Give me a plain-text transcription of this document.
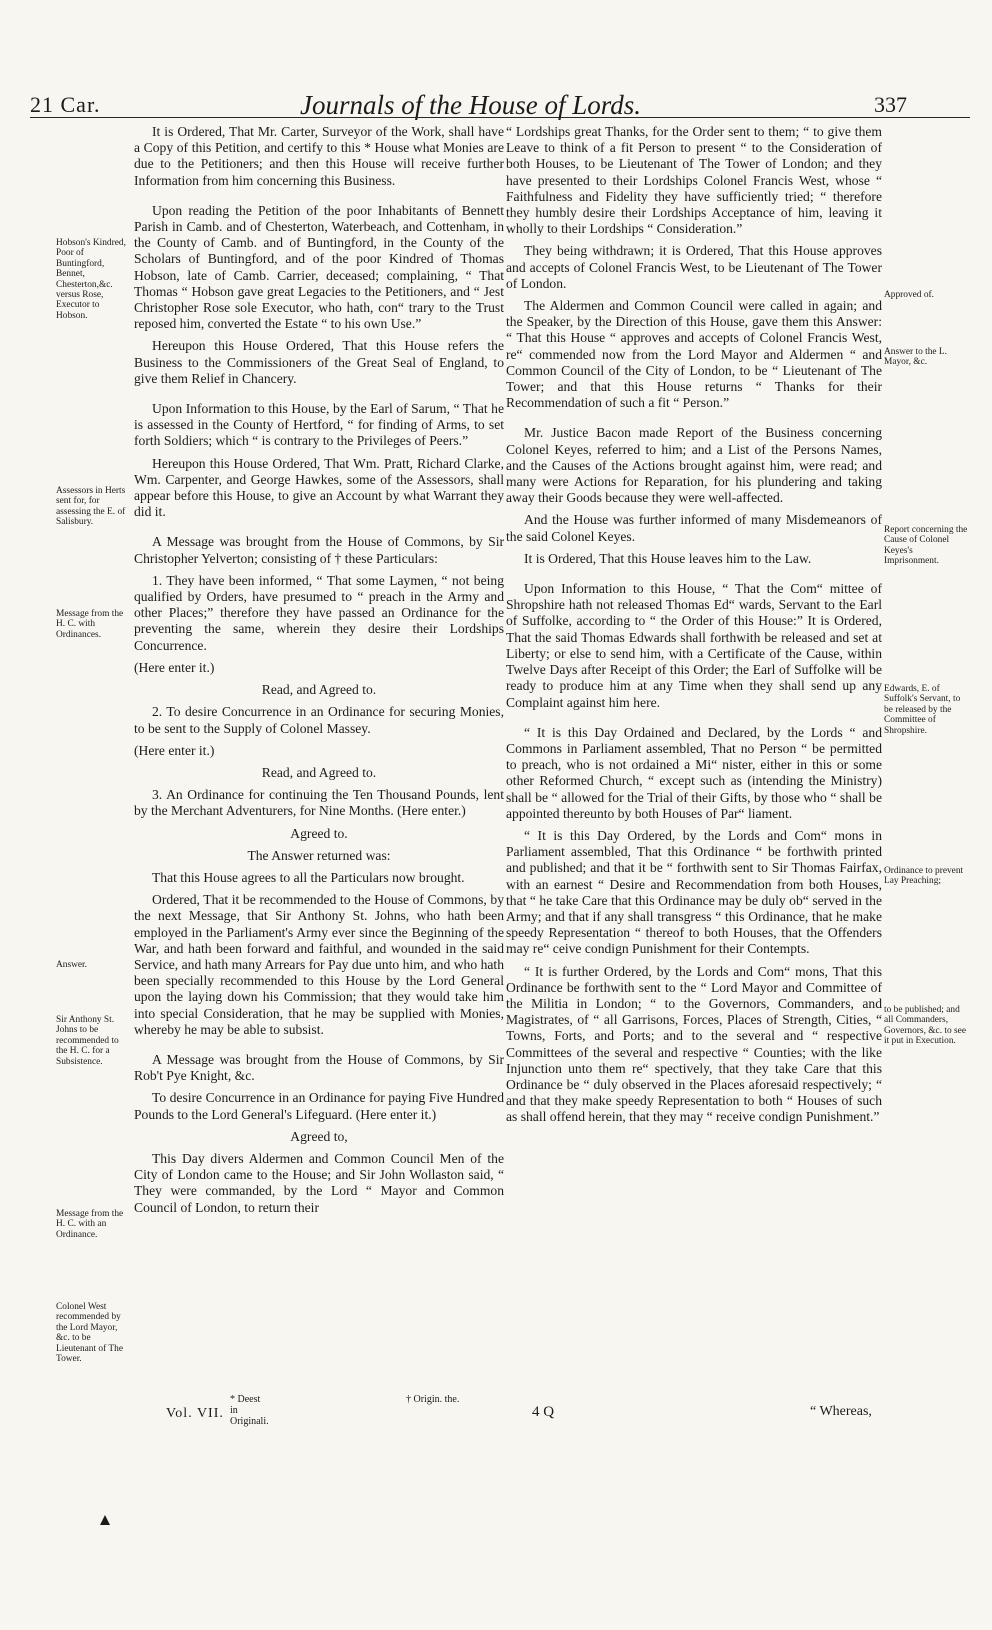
21 Car.	Journals of the House of Lords.	337

It is Ordered, That Mr. Carter, Surveyor of the Work, shall have a Copy of this Petition, and certify to this * House what Monies are due to the Petitioners; and then this House will receive further Information from him concerning this Business.

Upon reading the Petition of the poor Inhabitants of Bennett Parish in Camb. and of Chesterton, Waterbeach, and Cottenham, in the County of Camb. and of Buntingford, in the County of the Scholars of Buntingford, and of the poor Kindred of Thomas Hobson, late of Camb. Carrier, deceased; complaining, “ That Thomas “ Hobson gave great Legacies to the Petitioners, and “ Jest Christopher Rose sole Executor, who hath, con“ trary to the Trust reposed him, converted the Estate “ to his own Use.”

Hereupon this House Ordered, That this House refers the Business to the Commissioners of the Great Seal of England, to give them Relief in Chancery.

Upon Information to this House, by the Earl of Sarum, “ That he is assessed in the County of Hertford, “ for finding of Arms, to set forth Soldiers; which “ is contrary to the Privileges of Peers.”

Hereupon this House Ordered, That Wm. Pratt, Richard Clarke, Wm. Carpenter, and George Hawkes, some of the Assessors, shall appear before this House, to give an Account by what Warrant they did it.

A Message was brought from the House of Commons, by Sir Christopher Yelverton; consisting of † these Particulars:

1. They have been informed, “ That some Laymen, “ not being qualified by Orders, have presumed to “ preach in the Army and other Places;” therefore they have passed an Ordinance for the preventing the same, wherein they desire their Lordships Concurrence.

(Here enter it.)

Read, and Agreed to.

2. To desire Concurrence in an Ordinance for securing Monies, to be sent to the Supply of Colonel Massey.

(Here enter it.)

Read, and Agreed to.

3. An Ordinance for continuing the Ten Thousand Pounds, lent by the Merchant Adventurers, for Nine Months. (Here enter.)

Agreed to.

The Answer returned was:

That this House agrees to all the Particulars now brought.

Ordered, That it be recommended to the House of Commons, by the next Message, that Sir Anthony St. Johns, who hath been employed in the Parliament's Army ever since the Beginning of the War, and hath been forward and faithful, and wounded in the said Service, and hath many Arrears for Pay due unto him, and who hath been specially recommended to this House by the Lord General upon the laying down his Commission; that they would take him into special Consideration, that he may be supplied with Monies, whereby he may be able to subsist.

A Message was brought from the House of Commons, by Sir Rob't Pye Knight, &c.

To desire Concurrence in an Ordinance for paying Five Hundred Pounds to the Lord General's Lifeguard. (Here enter it.)

Agreed to,

This Day divers Aldermen and Common Council Men of the City of London came to the House; and Sir John Wollaston said, “ They were commanded, by the Lord “ Mayor and Common Council of London, to return their

“ Lordships great Thanks, for the Order sent to them; “ to give them Leave to think of a fit Person to present “ to the Consideration of both Houses, to be Lieutenant of The Tower of London; and they have presented to their Lordships Colonel Francis West, whose “ Faithfulness and Fidelity they have sufficiently tried; “ therefore they humbly desire their Lordships Acceptance of him, leaving it wholly to their Lordships “ Consideration.”

They being withdrawn; it is Ordered, That this House approves and accepts of Colonel Francis West, to be Lieutenant of The Tower of London.

The Aldermen and Common Council were called in again; and the Speaker, by the Direction of this House, gave them this Answer: “ That this House “ approves and accepts of Colonel Francis West, re“ commended now from the Lord Mayor and Aldermen “ and Common Council of the City of London, to be “ Lieutenant of The Tower; and that this House returns “ Thanks for their Recommendation of such a fit “ Person.”

Mr. Justice Bacon made Report of the Business concerning Colonel Keyes, referred to him; and a List of the Persons Names, and the Causes of the Actions brought against him, were read; and many were Actions for Reparation, for his plundering and taking away their Goods because they were well-affected.

And the House was further informed of many Misdemeanors of the said Colonel Keyes.

It is Ordered, That this House leaves him to the Law.

Upon Information to this House, “ That the Com“ mittee of Shropshire hath not released Thomas Ed“ wards, Servant to the Earl of Suffolke, according to “ the Order of this House:” It is Ordered, That the said Thomas Edwards shall forthwith be released and set at Liberty; or else to send him, with a Certificate of the Cause, within Twelve Days after Receipt of this Order; the Earl of Suffolke will be ready to produce him at any Time when they shall send up any Complaint against him here.

“ It is this Day Ordained and Declared, by the Lords “ and Commons in Parliament assembled, That no Person “ be permitted to preach, who is not ordained a Mi“ nister, either in this or some other Reformed Church, “ except such as (intending the Ministry) shall be “ allowed for the Trial of their Gifts, by those who “ shall be appointed thereunto by both Houses of Par“ liament.

“ It is this Day Ordered, by the Lords and Com“ mons in Parliament assembled, That this Ordinance “ be forthwith printed and published; and that it be “ forthwith sent to Sir Thomas Fairfax, with an earnest “ Desire and Recommendation from both Houses, that “ he take Care that this Ordinance may be duly ob“ served in the Army; and that if any shall transgress “ this Ordinance, that he make speedy Representation “ thereof to both Houses, that the Offenders may re“ ceive condign Punishment for their Contempts.

“ It is further Ordered, by the Lords and Com“ mons, That this Ordinance be forthwith sent to the “ Lord Mayor and Committee of the Militia in London; “ to the Governors, Commanders, and Magistrates, of “ all Garrisons, Forces, Places of Strength, Cities, “ Towns, Forts, and Ports; and to the several and “ respective Committees of the several and respective “ Counties; with the like Injunction unto them re“ spectively, that they take Care that this Ordinance be “ duly observed in the Places aforesaid respectively; “ and that they make speedy Representation to both “ Houses of such as shall offend herein, that they may “ receive condign Punishment.”

Hobson's Kindred, Poor of Buntingford, Bennet, Chesterton,&c. versus Rose, Executor to Hobson.
Assessors in Herts sent for, for assessing the E. of Salisbury.
Message from the H. C. with Ordinances.
Answer.
Sir Anthony St. Johns to be recommended to the H. C. for a Subsistence.
Message from the H. C. with an Ordinance.
Colonel West recommended by the Lord Mayor, &c. to be Lieutenant of The Tower.
Approved of.
Answer to the L. Mayor, &c.
Report concerning the Cause of Colonel Keyes's Imprisonment.
Edwards, E. of Suffolk's Servant, to be released by the Committee of Shropshire.
Ordinance to prevent Lay Preaching;
to be published; and all Commanders, Governors, &c. to see it put in Execution.
* Deest in Originali.
† Origin. the.
Vol. VII.	4 Q	“ Whereas,
